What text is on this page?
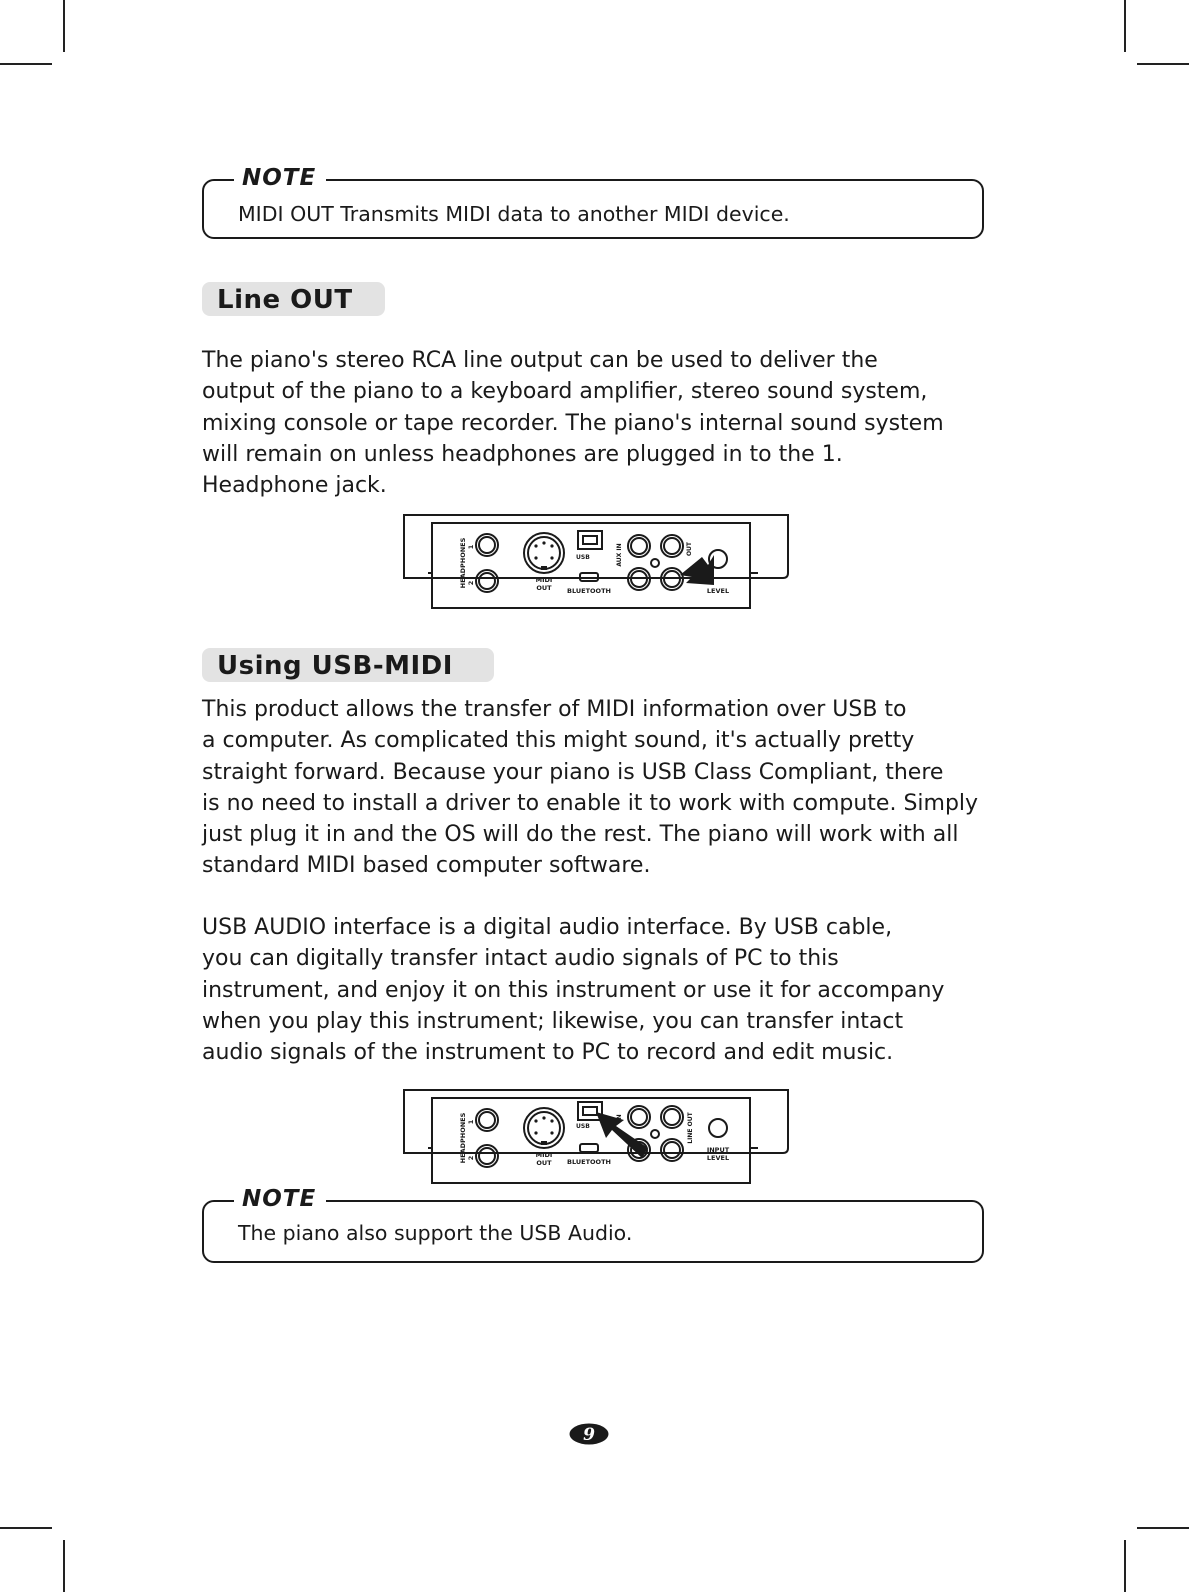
NOTE
MIDI OUT Transmits MIDI data to another MIDI device.
Line OUT
The piano's stereo RCA line output can be used to deliver the
output of the piano to a keyboard amplifier, stereo sound system,
mixing console or tape recorder. The piano's internal sound system
will remain on unless headphones are plugged in to the 1.
Headphone jack.
HEADPHONES 1
2	MIDI
OUT
USB
BLUETOOTH
AUX IN	OUT
LEVEL
Using USB-MIDI
This product allows the transfer of MIDI information over USB to
a computer. As complicated this might sound, it's actually pretty
straight forward. Because your piano is USB Class Compliant, there
is no need to install a driver to enable it to work with compute. Simply
just plug it in and the OS will do the rest. The piano will work with all
standard MIDI based computer software.
USB AUDIO interface is a digital audio interface. By USB cable,
you can digitally transfer intact audio signals of PC to this
instrument, and enjoy it on this instrument or use it for accompany
when you play this instrument; likewise, you can transfer intact
audio signals of the instrument to PC to record and edit music.
HEADPHONES 1
2	MIDI
OUT
USB
BLUETOOTH
IN	LINE OUT
INPUT
LEVEL
NOTE
The piano also support the USB Audio.
9
